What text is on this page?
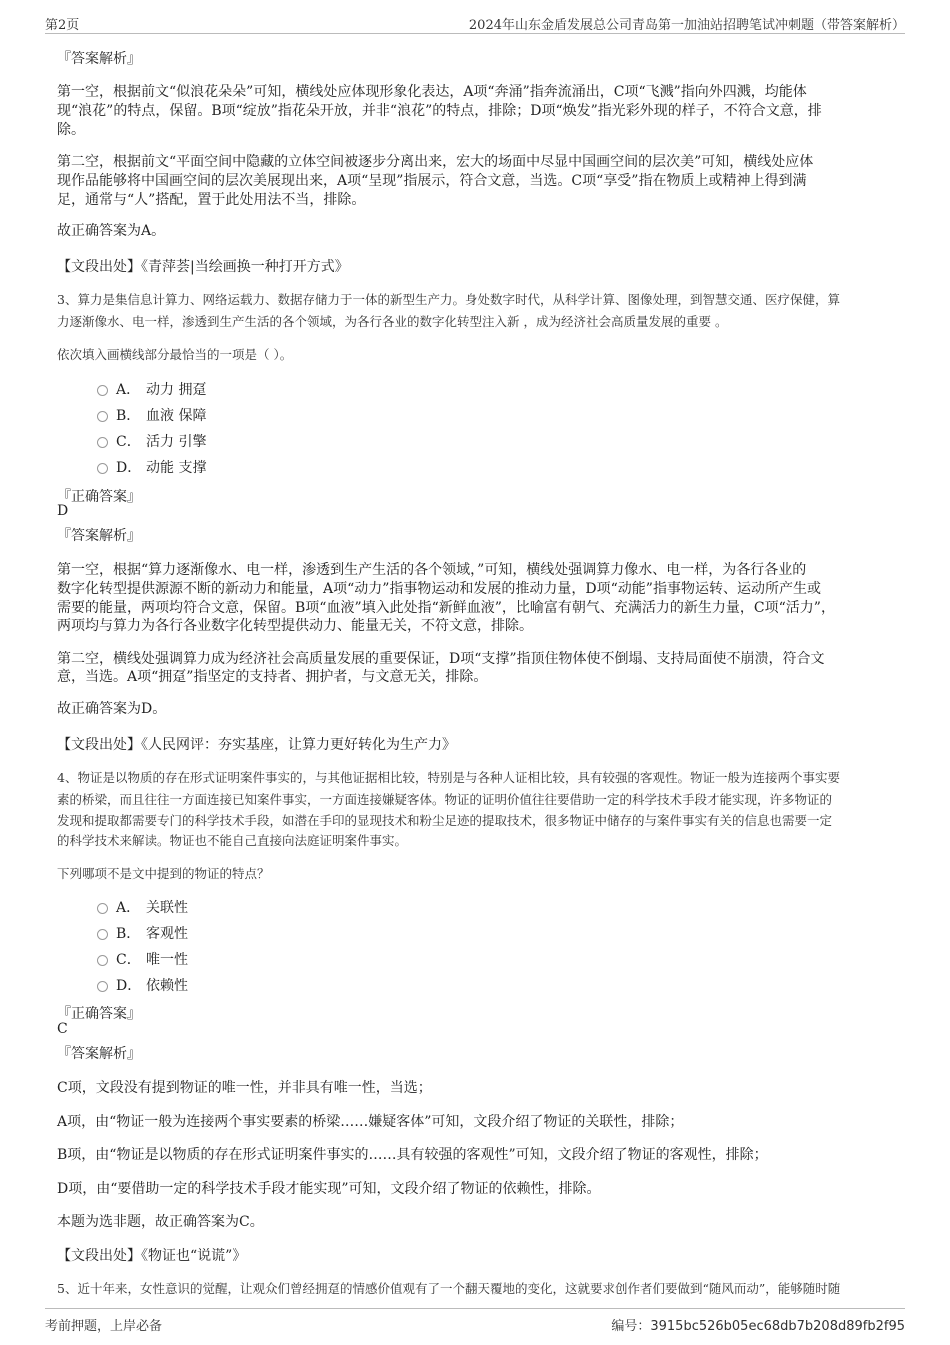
第2页	2024年山东金盾发展总公司青岛第一加油站招聘笔试冲刺题（带答案解析）
『答案解析』
第一空，根据前文“似浪花朵朵”可知，横线处应体现形象化表达，A项“奔涌”指奔流涌出，C项“飞溅”指向外四溅，均能体
现“浪花”的特点，保留。B项“绽放”指花朵开放，并非“浪花”的特点，排除；D项“焕发”指光彩外现的样子，不符合文意，排
除。
第二空，根据前文“平面空间中隐藏的立体空间被逐步分离出来，宏大的场面中尽显中国画空间的层次美”可知，横线处应体
现作品能够将中国画空间的层次美展现出来，A项“呈现”指展示，符合文意，当选。C项“享受”指在物质上或精神上得到满
足，通常与“人”搭配，置于此处用法不当，排除。
故正确答案为A。
【文段出处】《青萍荟|当绘画换一种打开方式》
3、算力是集信息计算力、网络运载力、数据存储力于一体的新型生产力。身处数字时代，从科学计算、图像处理，到智慧交通、医疗保健，算
力逐渐像水、电一样，渗透到生产生活的各个领域，为各行各业的数字化转型注入新 ，成为经济社会高质量发展的重要 。
依次填入画横线部分最恰当的一项是（ ）。
A． 动力 拥趸
B． 血液 保障
C． 活力 引擎
D． 动能 支撑
『正确答案』
D
『答案解析』
第一空，根据“算力逐渐像水、电一样，渗透到生产生活的各个领域，”可知，横线处强调算力像水、电一样，为各行各业的
数字化转型提供源源不断的新动力和能量，A项“动力”指事物运动和发展的推动力量，D项“动能”指事物运转、运动所产生或
需要的能量，两项均符合文意，保留。B项“血液”填入此处指“新鲜血液”，比喻富有朝气、充满活力的新生力量，C项“活力”，
两项均与算力为各行各业数字化转型提供动力、能量无关，不符文意，排除。
第二空，横线处强调算力成为经济社会高质量发展的重要保证，D项“支撑”指顶住物体使不倒塌、支持局面使不崩溃，符合文
意，当选。A项“拥趸”指坚定的支持者、拥护者，与文意无关，排除。
故正确答案为D。
【文段出处】《人民网评：夯实基座，让算力更好转化为生产力》
4、物证是以物质的存在形式证明案件事实的，与其他证据相比较，特别是与各种人证相比较，具有较强的客观性。物证一般为连接两个事实要
素的桥梁，而且往往一方面连接已知案件事实，一方面连接嫌疑客体。物证的证明价值往往要借助一定的科学技术手段才能实现，许多物证的
发现和提取都需要专门的科学技术手段，如潜在手印的显现技术和粉尘足迹的提取技术，很多物证中储存的与案件事实有关的信息也需要一定
的科学技术来解读。物证也不能自己直接向法庭证明案件事实。
下列哪项不是文中提到的物证的特点？
A． 关联性
B． 客观性
C． 唯一性
D． 依赖性
『正确答案』
C
『答案解析』
C项，文段没有提到物证的唯一性，并非具有唯一性，当选；
A项，由“物证一般为连接两个事实要素的桥梁……嫌疑客体”可知，文段介绍了物证的关联性，排除；
B项，由“物证是以物质的存在形式证明案件事实的……具有较强的客观性”可知，文段介绍了物证的客观性，排除；
D项，由“要借助一定的科学技术手段才能实现”可知，文段介绍了物证的依赖性，排除。
本题为选非题，故正确答案为C。
【文段出处】《物证也“说谎”》
5、近十年来，女性意识的觉醒，让观众们曾经拥趸的情感价值观有了一个翻天覆地的变化，这就要求创作者们要做到“随风而动”，能够随时随
考前押题，上岸必备	编号：3915bc526b05ec68db7b208d89fb2f95
